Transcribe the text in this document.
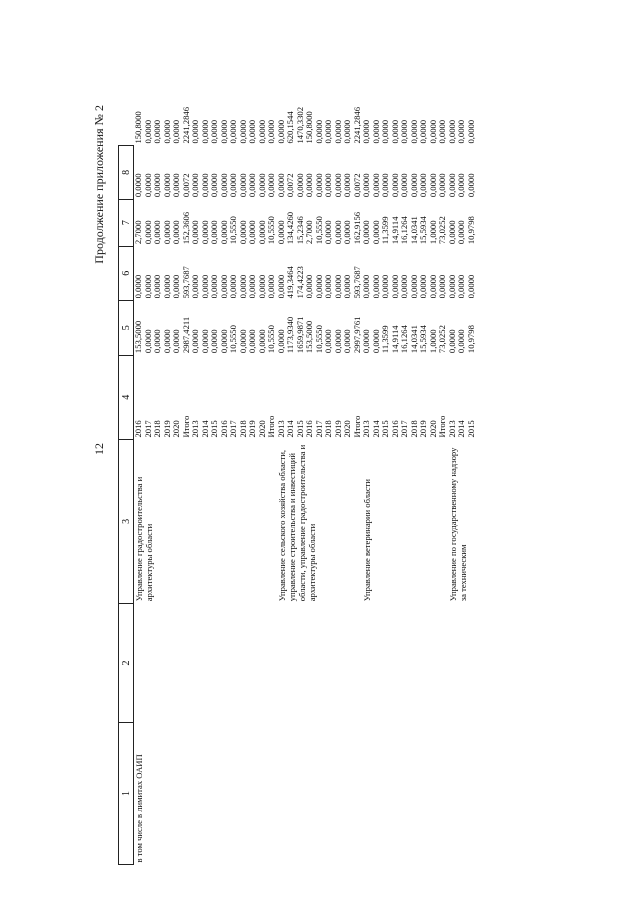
12
Продолжение приложения № 2
1	2	3	4	5	6	7	8	
в том числе в лимитах ОАИП		Управление градостроительства и архитектуры области	2016	153,5000	0,0000	2,7000	0,0000	150,8000
			2017	0,0000	0,0000	0,0000	0,0000	0,0000
			2018	0,0000	0,0000	0,0000	0,0000	0,0000
			2019	0,0000	0,0000	0,0000	0,0000	0,0000
			2020	0,0000	0,0000	0,0000	0,0000	0,0000
			Итого	2987,4211	593,7687	152,3606	0,0072	2241,2846
			2013	0,0000	0,0000	0,0000	0,0000	0,0000
			2014	0,0000	0,0000	0,0000	0,0000	0,0000
			2015	0,0000	0,0000	0,0000	0,0000	0,0000
			2016	0,0000	0,0000	0,0000	0,0000	0,0000
			2017	10,5550	0,0000	10,5550	0,0000	0,0000
			2018	0,0000	0,0000	0,0000	0,0000	0,0000
			2019	0,0000	0,0000	0,0000	0,0000	0,0000
			2020	0,0000	0,0000	0,0000	0,0000	0,0000
			Итого	10,5550	0,0000	10,5550	0,0000	0,0000
		Управление сельского хозяйства области, управление строительства и инвестиций области, управление градостроительства и архитектуры области	2013	0,0000	0,0000	0,0000	0,0000	0,0000
			2014	1173,9340	419,3464	134,4260	0,0072	620,1544
			2015	1659,9871	174,4223	15,2346	0,0000	1470,3302
			2016	153,5000	0,0000	2,7000	0,0000	150,8000
			2017	10,5550	0,0000	10,5550	0,0000	0,0000
			2018	0,0000	0,0000	0,0000	0,0000	0,0000
			2019	0,0000	0,0000	0,0000	0,0000	0,0000
			2020	0,0000	0,0000	0,0000	0,0000	0,0000
			Итого	2997,9761	593,7687	162,9156	0,0072	2241,2846
		Управление ветеринарии области	2013	0,0000	0,0000	0,0000	0,0000	0,0000
			2014	0,0000	0,0000	0,0000	0,0000	0,0000
			2015	11,3599	0,0000	11,3599	0,0000	0,0000
			2016	14,9114	0,0000	14,9114	0,0000	0,0000
			2017	16,1264	0,0000	16,1264	0,0000	0,0000
			2018	14,0341	0,0000	14,0341	0,0000	0,0000
			2019	15,5934	0,0000	15,5934	0,0000	0,0000
			2020	1,0000	0,0000	1,0000	0,0000	0,0000
			Итого	73,0252	0,0000	73,0252	0,0000	0,0000
		Управление по государственному надзору за техническим	2013	0,0000	0,0000	0,0000	0,0000	0,0000
			2014	0,0000	0,0000	0,0000	0,0000	0,0000
			2015	10,9798	0,0000	10,9798	0,0000	0,0000
